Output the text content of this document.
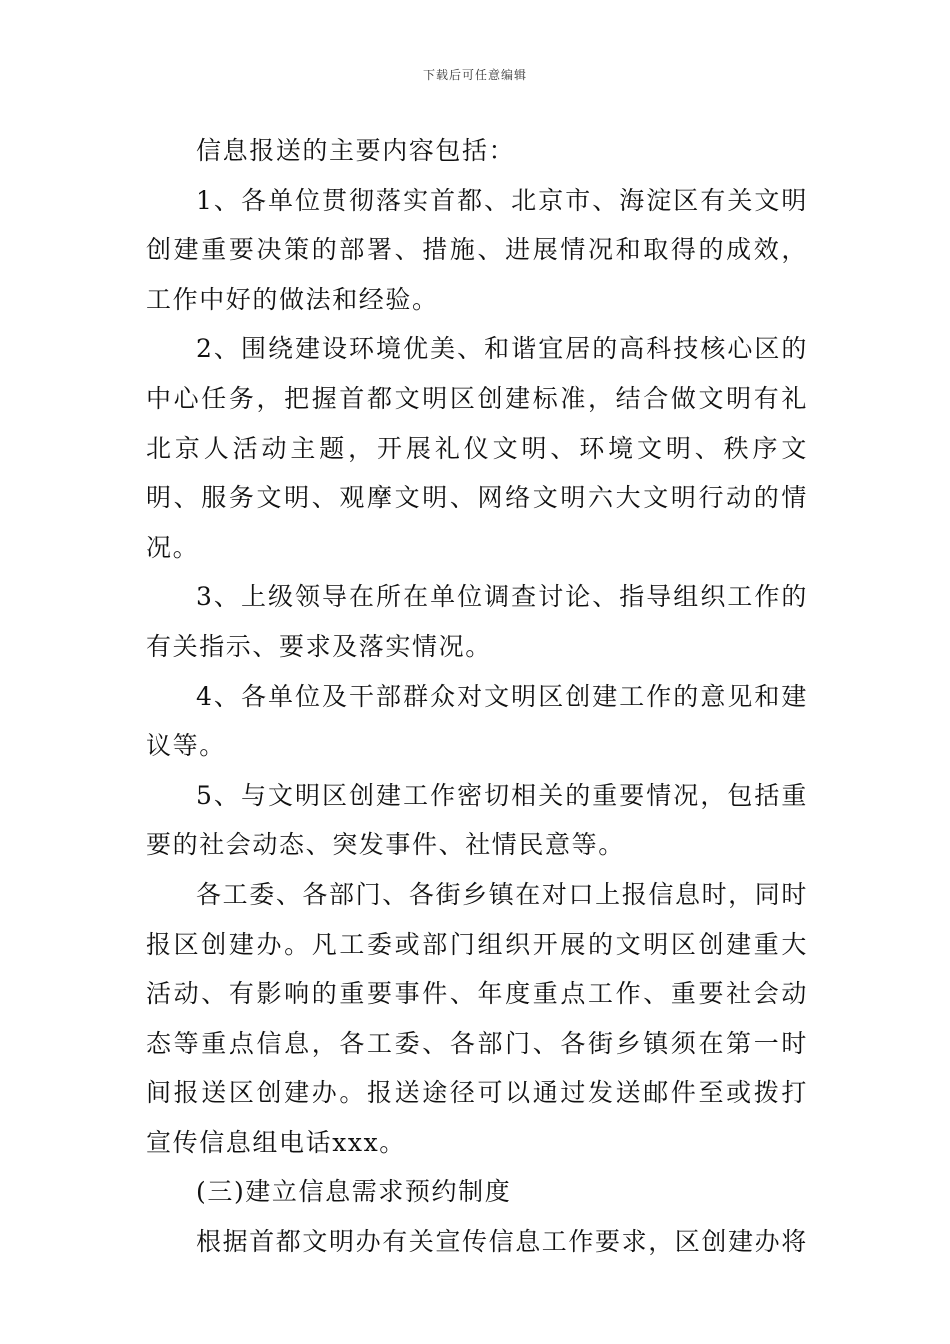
下载后可任意编辑

信息报送的主要内容包括：

1、各单位贯彻落实首都、北京市、海淀区有关文明创建重要决策的部署、措施、进展情况和取得的成效，工作中好的做法和经验。

2、围绕建设环境优美、和谐宜居的高科技核心区的中心任务，把握首都文明区创建标准，结合做文明有礼北京人活动主题，开展礼仪文明、环境文明、秩序文明、服务文明、观摩文明、网络文明六大文明行动的情况。

3、上级领导在所在单位调查讨论、指导组织工作的有关指示、要求及落实情况。

4、各单位及干部群众对文明区创建工作的意见和建议等。

5、与文明区创建工作密切相关的重要情况，包括重要的社会动态、突发事件、社情民意等。

各工委、各部门、各街乡镇在对口上报信息时，同时报区创建办。凡工委或部门组织开展的文明区创建重大活动、有影响的重要事件、年度重点工作、重要社会动态等重点信息，各工委、各部门、各街乡镇须在第一时间报送区创建办。报送途径可以通过发送邮件至或拨打宣传信息组电话xxx。

(三)建立信息需求预约制度

根据首都文明办有关宣传信息工作要求，区创建办将
